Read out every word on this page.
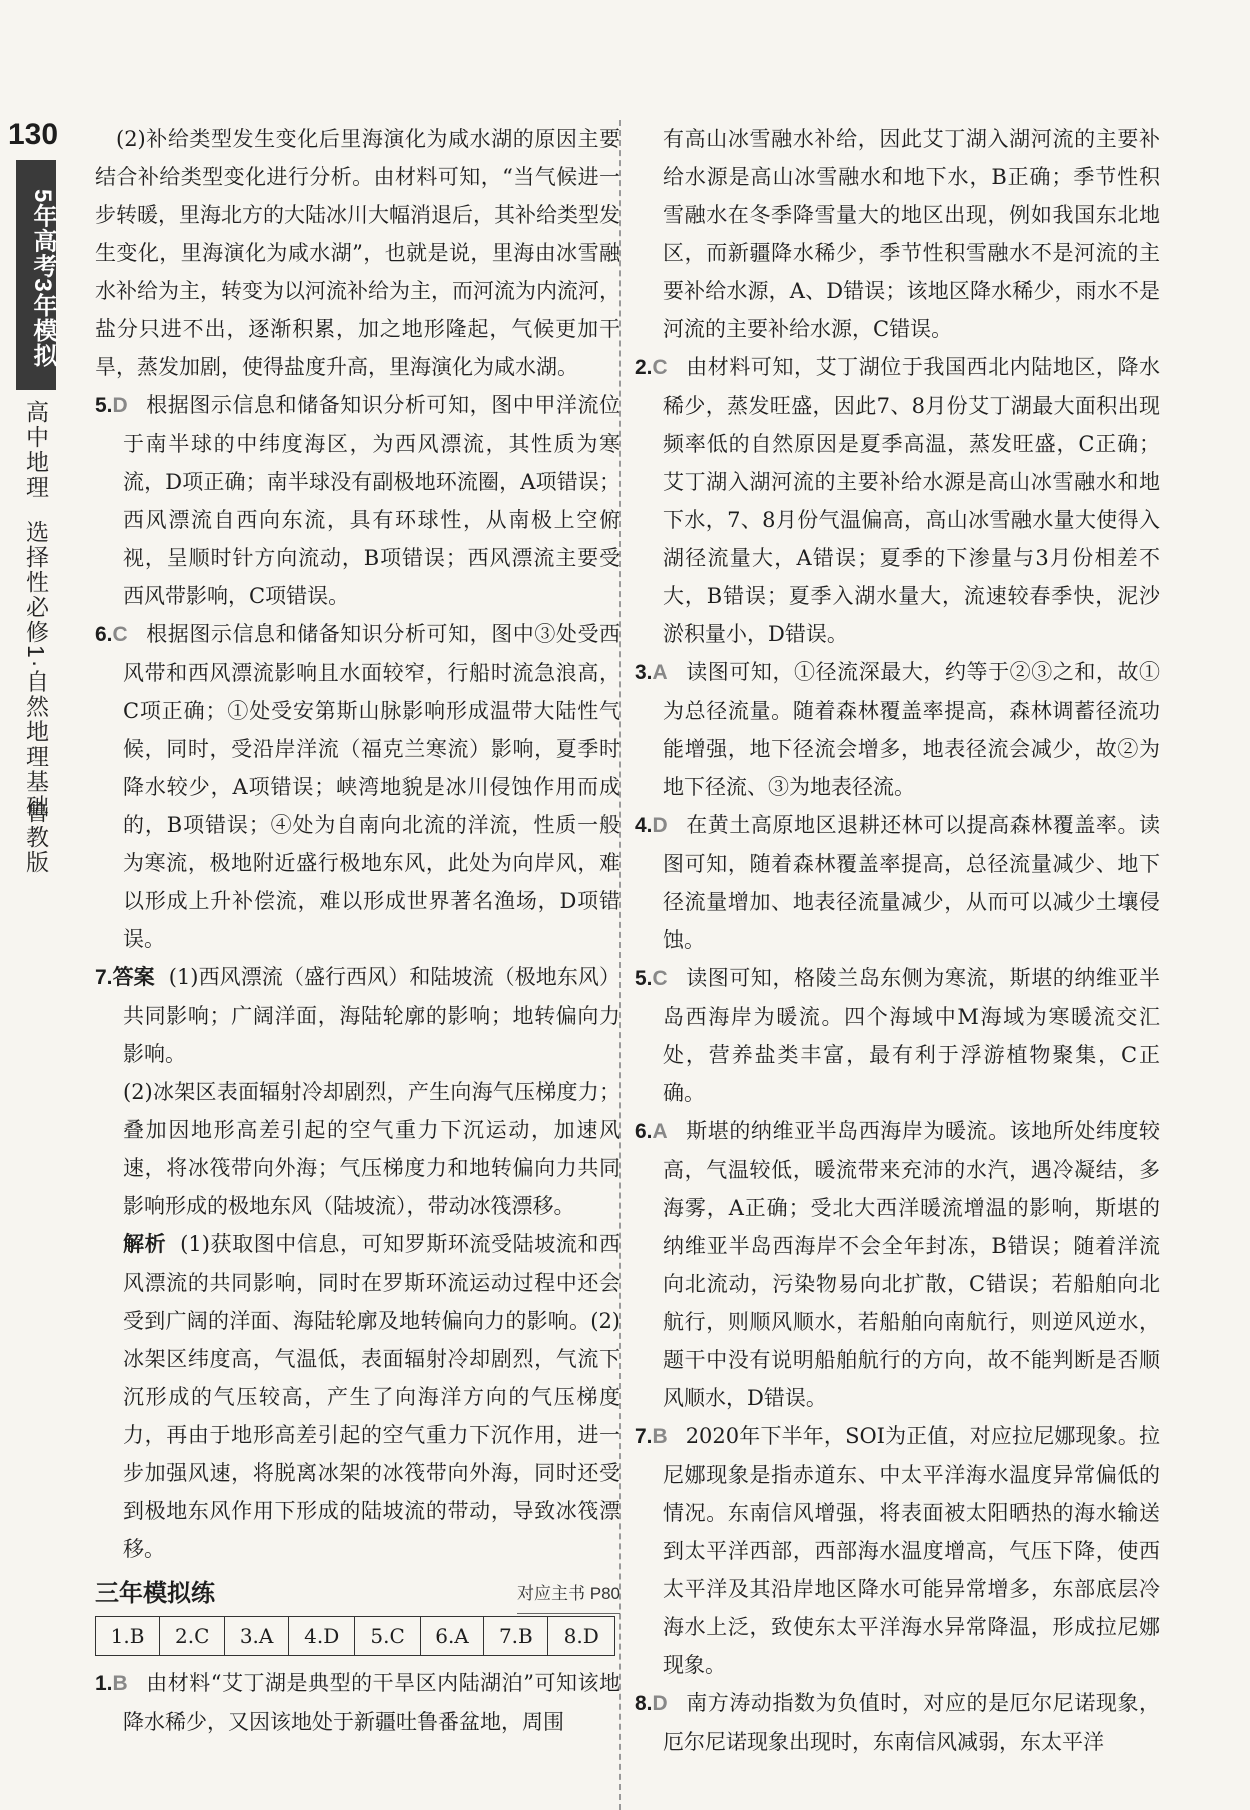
130
5年高考3年模拟
高中地理
选择性必修1·自然地理基础
鲁教版

(2)补给类型发生变化后里海演化为咸水湖的原因主要结合补给类型变化进行分析。由材料可知，“当气候进一步转暖，里海北方的大陆冰川大幅消退后，其补给类型发生变化，里海演化为咸水湖”，也就是说，里海由冰雪融水补给为主，转变为以河流补给为主，而河流为内流河，盐分只进不出，逐渐积累，加之地形隆起，气候更加干旱，蒸发加剧，使得盐度升高，里海演化为咸水湖。

5.D 根据图示信息和储备知识分析可知，图中甲洋流位于南半球的中纬度海区，为西风漂流，其性质为寒流，D项正确；南半球没有副极地环流圈，A项错误；西风漂流自西向东流，具有环球性，从南极上空俯视，呈顺时针方向流动，B项错误；西风漂流主要受西风带影响，C项错误。

6.C 根据图示信息和储备知识分析可知，图中③处受西风带和西风漂流影响且水面较窄，行船时流急浪高，C项正确；①处受安第斯山脉影响形成温带大陆性气候，同时，受沿岸洋流（福克兰寒流）影响，夏季时降水较少，A项错误；峡湾地貌是冰川侵蚀作用而成的，B项错误；④处为自南向北流的洋流，性质一般为寒流，极地附近盛行极地东风，此处为向岸风，难以形成上升补偿流，难以形成世界著名渔场，D项错误。

7.答案 (1)西风漂流（盛行西风）和陆坡流（极地东风）共同影响；广阔洋面，海陆轮廓的影响；地转偏向力影响。

(2)冰架区表面辐射冷却剧烈，产生向海气压梯度力；叠加因地形高差引起的空气重力下沉运动，加速风速，将冰筏带向外海；气压梯度力和地转偏向力共同影响形成的极地东风（陆坡流），带动冰筏漂移。

解析 (1)获取图中信息，可知罗斯环流受陆坡流和西风漂流的共同影响，同时在罗斯环流运动过程中还会受到广阔的洋面、海陆轮廓及地转偏向力的影响。(2)冰架区纬度高，气温低，表面辐射冷却剧烈，气流下沉形成的气压较高，产生了向海洋方向的气压梯度力，再由于地形高差引起的空气重力下沉作用，进一步加强风速，将脱离冰架的冰筏带向外海，同时还受到极地东风作用下形成的陆坡流的带动，导致冰筏漂移。

三年模拟练	对应主书 P80
1.B	2.C	3.A	4.D	5.C	6.A	7.B	8.D

1.B 由材料“艾丁湖是典型的干旱区内陆湖泊”可知该地降水稀少，又因该地处于新疆吐鲁番盆地，周围

有高山冰雪融水补给，因此艾丁湖入湖河流的主要补给水源是高山冰雪融水和地下水，B正确；季节性积雪融水在冬季降雪量大的地区出现，例如我国东北地区，而新疆降水稀少，季节性积雪融水不是河流的主要补给水源，A、D错误；该地区降水稀少，雨水不是河流的主要补给水源，C错误。

2.C 由材料可知，艾丁湖位于我国西北内陆地区，降水稀少，蒸发旺盛，因此7、8月份艾丁湖最大面积出现频率低的自然原因是夏季高温，蒸发旺盛，C正确；艾丁湖入湖河流的主要补给水源是高山冰雪融水和地下水，7、8月份气温偏高，高山冰雪融水量大使得入湖径流量大，A错误；夏季的下渗量与3月份相差不大，B错误；夏季入湖水量大，流速较春季快，泥沙淤积量小，D错误。

3.A 读图可知，①径流深最大，约等于②③之和，故①为总径流量。随着森林覆盖率提高，森林调蓄径流功能增强，地下径流会增多，地表径流会减少，故②为地下径流、③为地表径流。

4.D 在黄土高原地区退耕还林可以提高森林覆盖率。读图可知，随着森林覆盖率提高，总径流量减少、地下径流量增加、地表径流量减少，从而可以减少土壤侵蚀。

5.C 读图可知，格陵兰岛东侧为寒流，斯堪的纳维亚半岛西海岸为暖流。四个海域中M海域为寒暖流交汇处，营养盐类丰富，最有利于浮游植物聚集，C正确。

6.A 斯堪的纳维亚半岛西海岸为暖流。该地所处纬度较高，气温较低，暖流带来充沛的水汽，遇冷凝结，多海雾，A正确；受北大西洋暖流增温的影响，斯堪的纳维亚半岛西海岸不会全年封冻，B错误；随着洋流向北流动，污染物易向北扩散，C错误；若船舶向北航行，则顺风顺水，若船舶向南航行，则逆风逆水，题干中没有说明船舶航行的方向，故不能判断是否顺风顺水，D错误。

7.B 2020年下半年，SOI为正值，对应拉尼娜现象。拉尼娜现象是指赤道东、中太平洋海水温度异常偏低的情况。东南信风增强，将表面被太阳晒热的海水输送到太平洋西部，西部海水温度增高，气压下降，使西太平洋及其沿岸地区降水可能异常增多，东部底层冷海水上泛，致使东太平洋海水异常降温，形成拉尼娜现象。

8.D 南方涛动指数为负值时，对应的是厄尔尼诺现象，厄尔尼诺现象出现时，东南信风减弱，东太平洋
